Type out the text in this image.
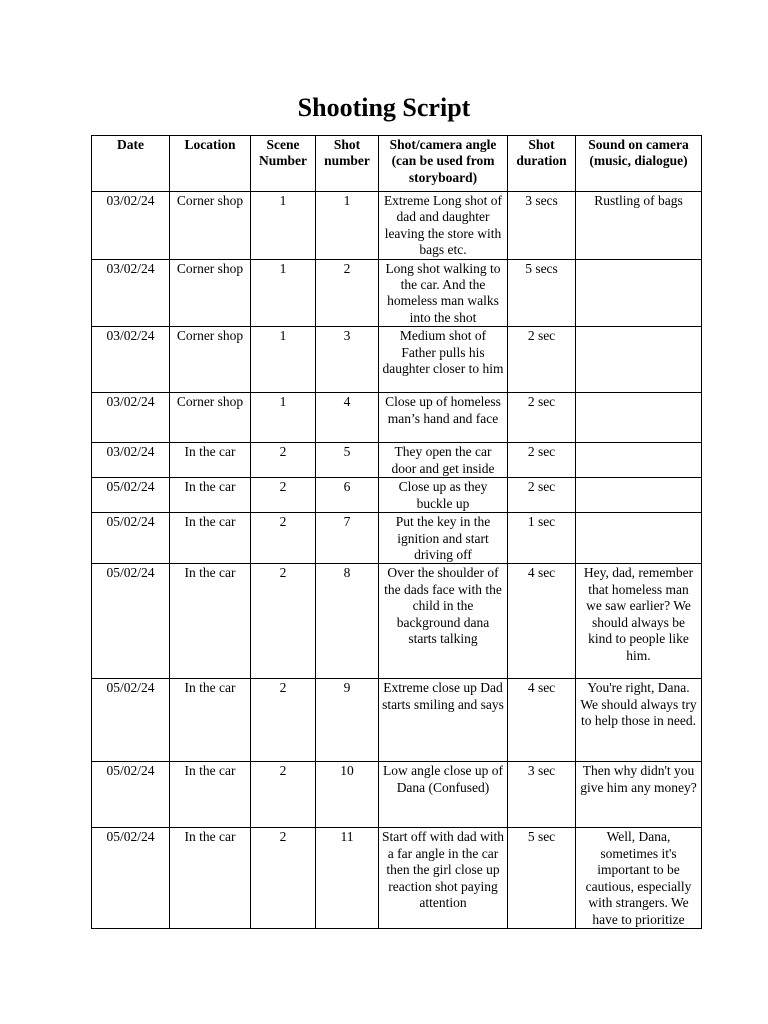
Shooting Script
Date	Location	Scene Number	Shot number	Shot/camera angle (can be used from storyboard)	Shot duration	Sound on camera (music, dialogue)
03/02/24	Corner shop	1	1	Extreme Long shot of dad and daughter leaving the store with bags etc.	3 secs	Rustling of bags
03/02/24	Corner shop	1	2	Long shot walking to the car. And the homeless man walks into the shot	5 secs	
03/02/24	Corner shop	1	3	Medium shot of Father pulls his daughter closer to him	2 sec	
03/02/24	Corner shop	1	4	Close up of homeless man’s hand and face	2 sec	
03/02/24	In the car	2	5	They open the car door and get inside	2 sec	
05/02/24	In the car	2	6	Close up as they buckle up	2 sec	
05/02/24	In the car	2	7	Put the key in the ignition and start driving off	1 sec	
05/02/24	In the car	2	8	Over the shoulder of the dads face with the child in the background dana starts talking	4 sec	Hey, dad, remember that homeless man we saw earlier? We should always be kind to people like him.
05/02/24	In the car	2	9	Extreme close up Dad starts smiling and says	4 sec	You're right, Dana. We should always try to help those in need.
05/02/24	In the car	2	10	Low angle close up of Dana (Confused)	3 sec	Then why didn't you give him any money?
05/02/24	In the car	2	11	Start off with dad with a far angle in the car then the girl close up reaction shot paying attention	5 sec	Well, Dana, sometimes it's important to be cautious, especially with strangers. We have to prioritize
